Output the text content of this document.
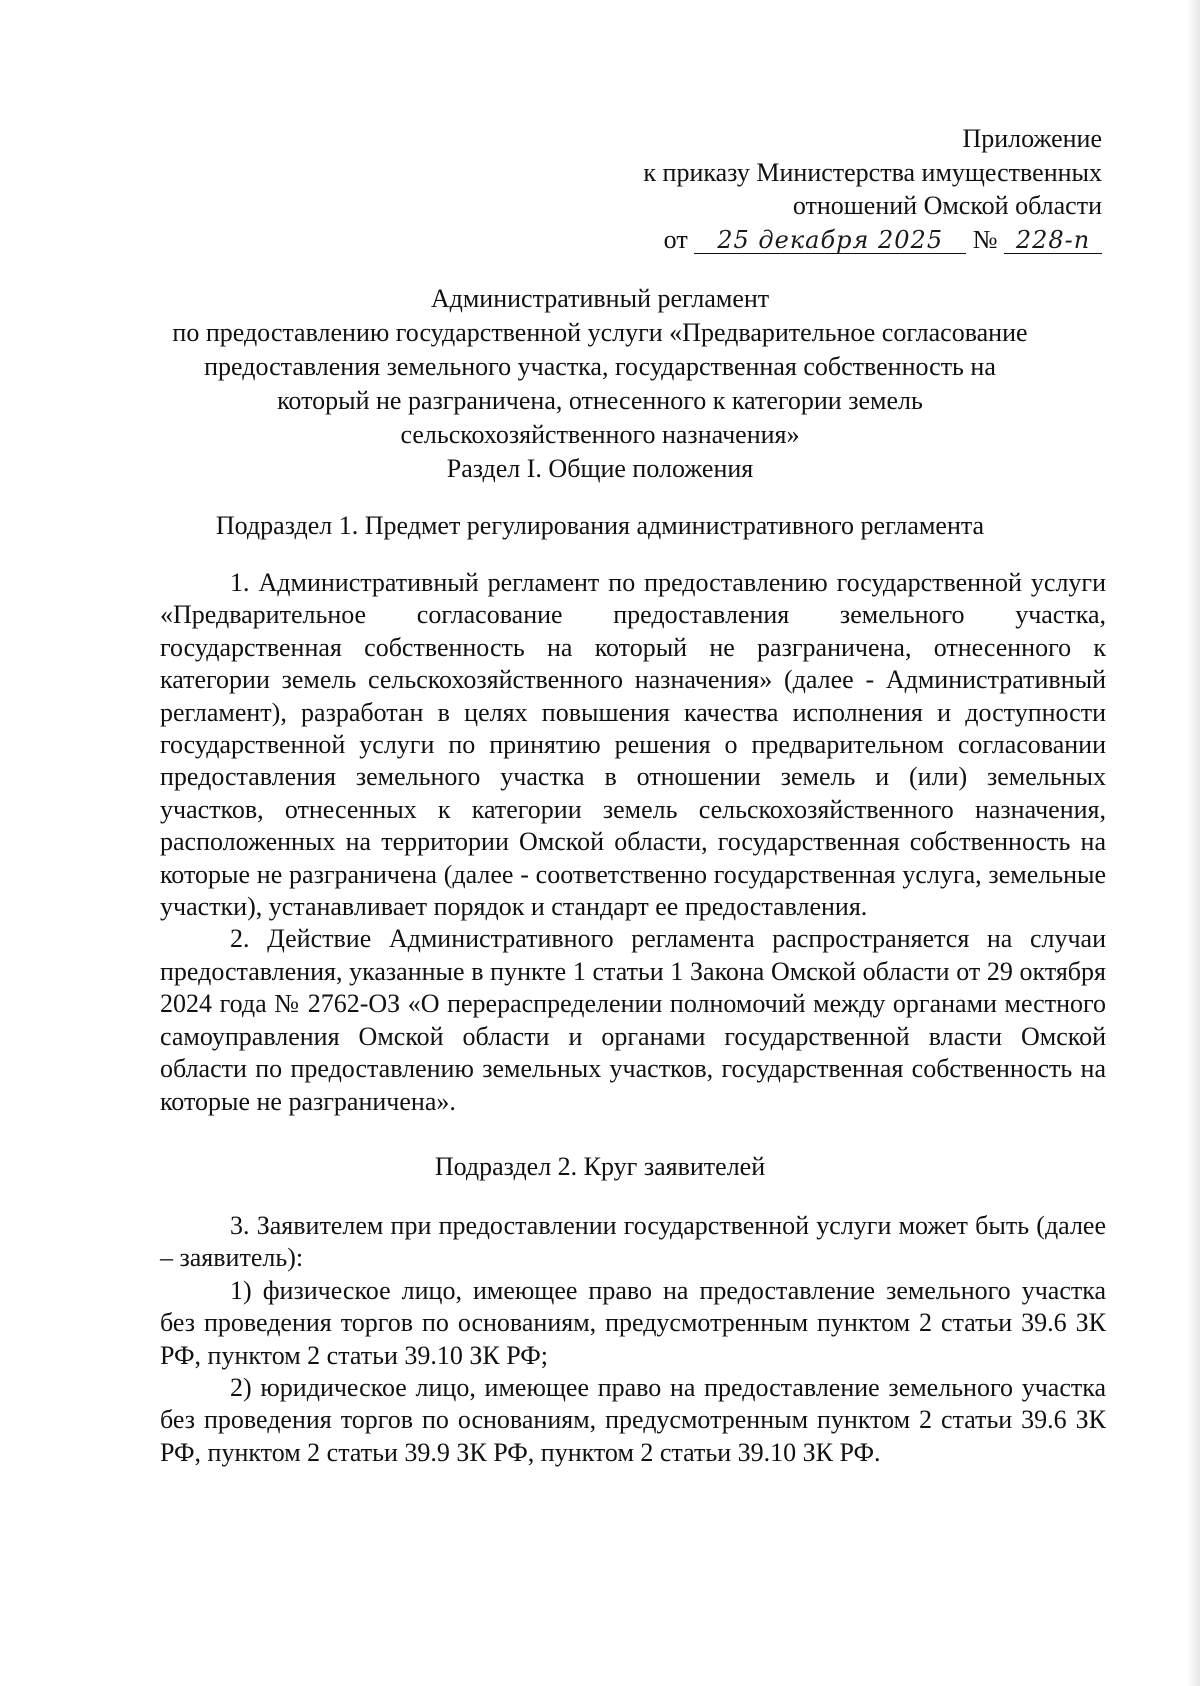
Приложение
к приказу Министерства имущественных
отношений Омской области
от 25 декабря 2025 № 228-п
Административный регламент
по предоставлению государственной услуги «Предварительное согласование
предоставления земельного участка, государственная собственность на
который не разграничена, отнесенного к категории земель
сельскохозяйственного назначения»
Раздел I. Общие положения
Подраздел 1. Предмет регулирования административного регламента

1. Административный регламент по предоставлению государственной услуги «Предварительное согласование предоставления земельного участка, государственная собственность на который не разграничена, отнесенного к категории земель сельскохозяйственного назначения» (далее - Административный регламент), разработан в целях повышения качества исполнения и доступности государственной услуги по принятию решения о предварительном согласовании предоставления земельного участка в отношении земель и (или) земельных участков, отнесенных к категории земель сельскохозяйственного назначения, расположенных на территории Омской области, государственная собственность на которые не разграничена (далее - соответственно государственная услуга, земельные участки), устанавливает порядок и стандарт ее предоставления.

2. Действие Административного регламента распространяется на случаи предоставления, указанные в пункте 1 статьи 1 Закона Омской области от 29 октября 2024 года № 2762-ОЗ «О перераспределении полномочий между органами местного самоуправления Омской области и органами государственной власти Омской области по предоставлению земельных участков, государственная собственность на которые не разграничена».

Подраздел 2. Круг заявителей

3. Заявителем при предоставлении государственной услуги может быть (далее – заявитель):

1) физическое лицо, имеющее право на предоставление земельного участка без проведения торгов по основаниям, предусмотренным пунктом 2 статьи 39.6 ЗК РФ, пунктом 2 статьи 39.10 ЗК РФ;

2) юридическое лицо, имеющее право на предоставление земельного участка без проведения торгов по основаниям, предусмотренным пунктом 2 статьи 39.6 ЗК РФ, пунктом 2 статьи 39.9 ЗК РФ, пунктом 2 статьи 39.10 ЗК РФ.
